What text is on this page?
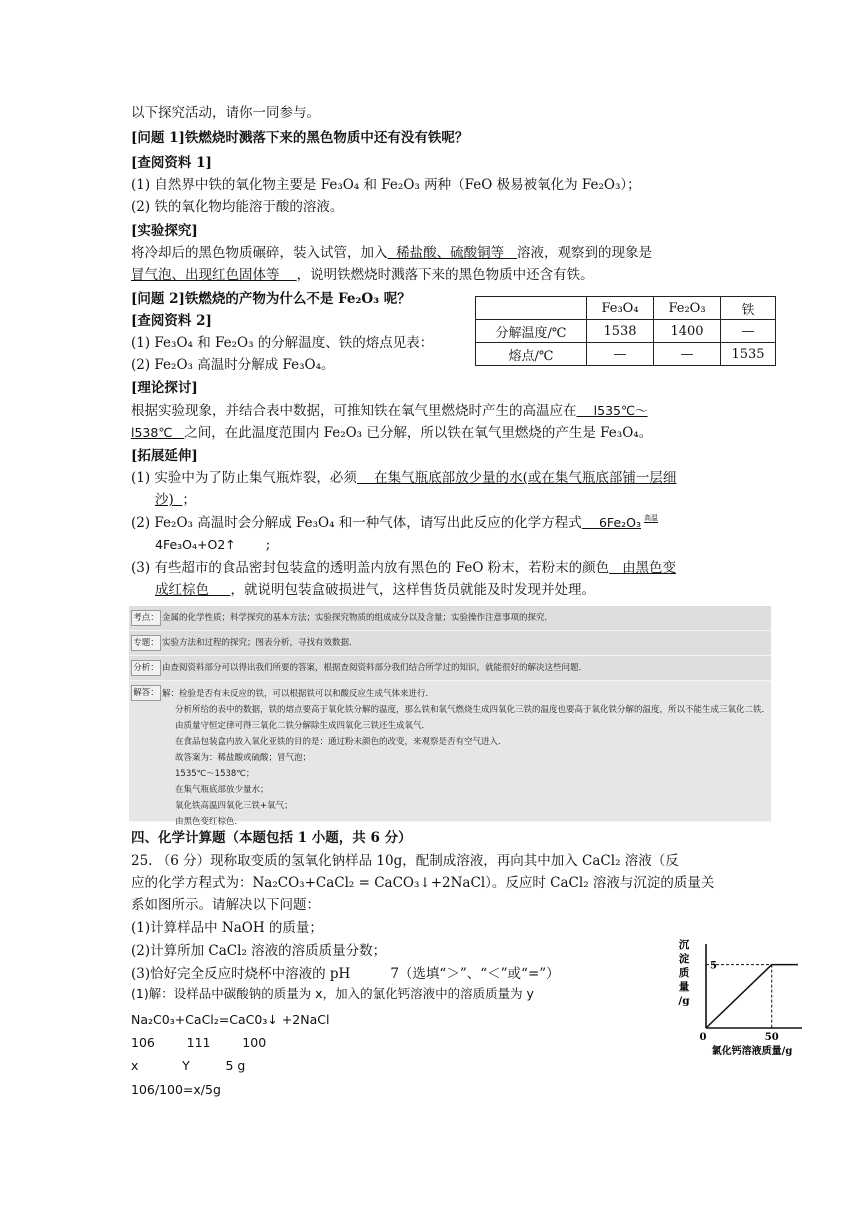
以下探究活动，请你一同参与。
[问题 1]铁燃烧时溅落下来的黑色物质中还有没有铁呢？
[查阅资料 1]
(1) 自然界中铁的氧化物主要是 Fe₃O₄ 和 Fe₂O₃ 两种（FeO 极易被氧化为 Fe₂O₃）；
(2) 铁的氧化物均能溶于酸的溶液。
[实验探究]
将冷却后的黑色物质碾碎，装入试管，加入 稀盐酸、硫酸铜等 溶液，观察到的现象是
冒气泡、出现红色固体等 ，说明铁燃烧时溅落下来的黑色物质中还含有铁。
[问题 2]铁燃烧的产物为什么不是 Fe₂O₃ 呢？
[查阅资料 2]
(1) Fe₃O₄ 和 Fe₂O₃ 的分解温度、铁的熔点见表：
(2) Fe₂O₃ 高温时分解成 Fe₃O₄。
	Fe₃O₄	Fe₂O₃	铁
分解温度/℃	1538	1400	—
熔点/℃	—	—	1535
[理论探讨]
根据实验现象，并结合表中数据，可推知铁在氧气里燃烧时产生的高温应在 l535℃～
l538℃ 之间，在此温度范围内 Fe₂O₃ 已分解，所以铁在氧气里燃烧的产生是 Fe₃O₄。
[拓展延伸]
(1) 实验中为了防止集气瓶炸裂，必须 在集气瓶底部放少量的水(或在集气瓶底部铺一层细
沙) ；
(2) Fe₂O₃ 高温时会分解成 Fe₃O₄ 和一种气体，请写出此反应的化学方程式 6Fe₂O₃ $^{高温}$
4Fe₃O₄+O2↑ ;
(3) 有些超市的食品密封包装盒的透明盖内放有黑色的 FeO 粉末，若粉末的颜色 由黑色变
成红棕色 ，就说明包装盒破损进气，这样售货员就能及时发现并处理。
考点： 金属的化学性质；科学探究的基本方法；实验探究物质的组成成分以及含量；实验操作注意事项的探究．
专题： 实验方法和过程的探究；图表分析，寻找有效数据．
分析： 由查阅资料部分可以得出我们所要的答案，根据查阅资料部分我们结合所学过的知识，就能很好的解决这些问题．
解答： 解：检验是否有未反应的铁，可以根据铁可以和酸反应生成气体来进行．
分析所给的表中的数据，铁的熔点要高于氧化铁分解的温度，那么铁和氧气燃烧生成四氧化三铁的温度也要高于氧化铁分解的温度，所以不能生成三氧化二铁．
由质量守恒定律可得三氧化二铁分解除生成四氧化三铁还生成氧气．
在食品包装盒内放入氧化亚铁的目的是：通过粉末颜色的改变，来观察是否有空气进入．
故答案为：稀盐酸或硫酸；冒气泡；
1535℃～1538℃；
在集气瓶底部放少量水；
氧化铁高温四氧化三铁+氧气；
由黑色变红棕色．
四、化学计算题（本题包括 1 小题，共 6 分）
25. （6 分）现称取变质的氢氧化钠样品 10g，配制成溶液，再向其中加入 CaCl₂ 溶液（反
应的化学方程式为：Na₂CO₃+CaCl₂ = CaCO₃↓+2NaCl）。反应时 CaCl₂ 溶液与沉淀的质量关
系如图所示。请解决以下问题：
(1)计算样品中 NaOH 的质量；
(2)计算所加 CaCl₂ 溶液的溶质质量分数；
(3)恰好完全反应时烧杯中溶液的 pH	7（选填“＞”、“＜”或“=”）
(1)解：设样品中碳酸钠的质量为 x，加入的氯化钙溶液中的溶质质量为 y
Na₂C0₃+CaCl₂=CaC0₃↓ +2NaCl
106        111        100
x           Y         5 g
106/100=x/5g
5
0	50
沉
淀
质
量
/g
氯化钙溶液质量/g
